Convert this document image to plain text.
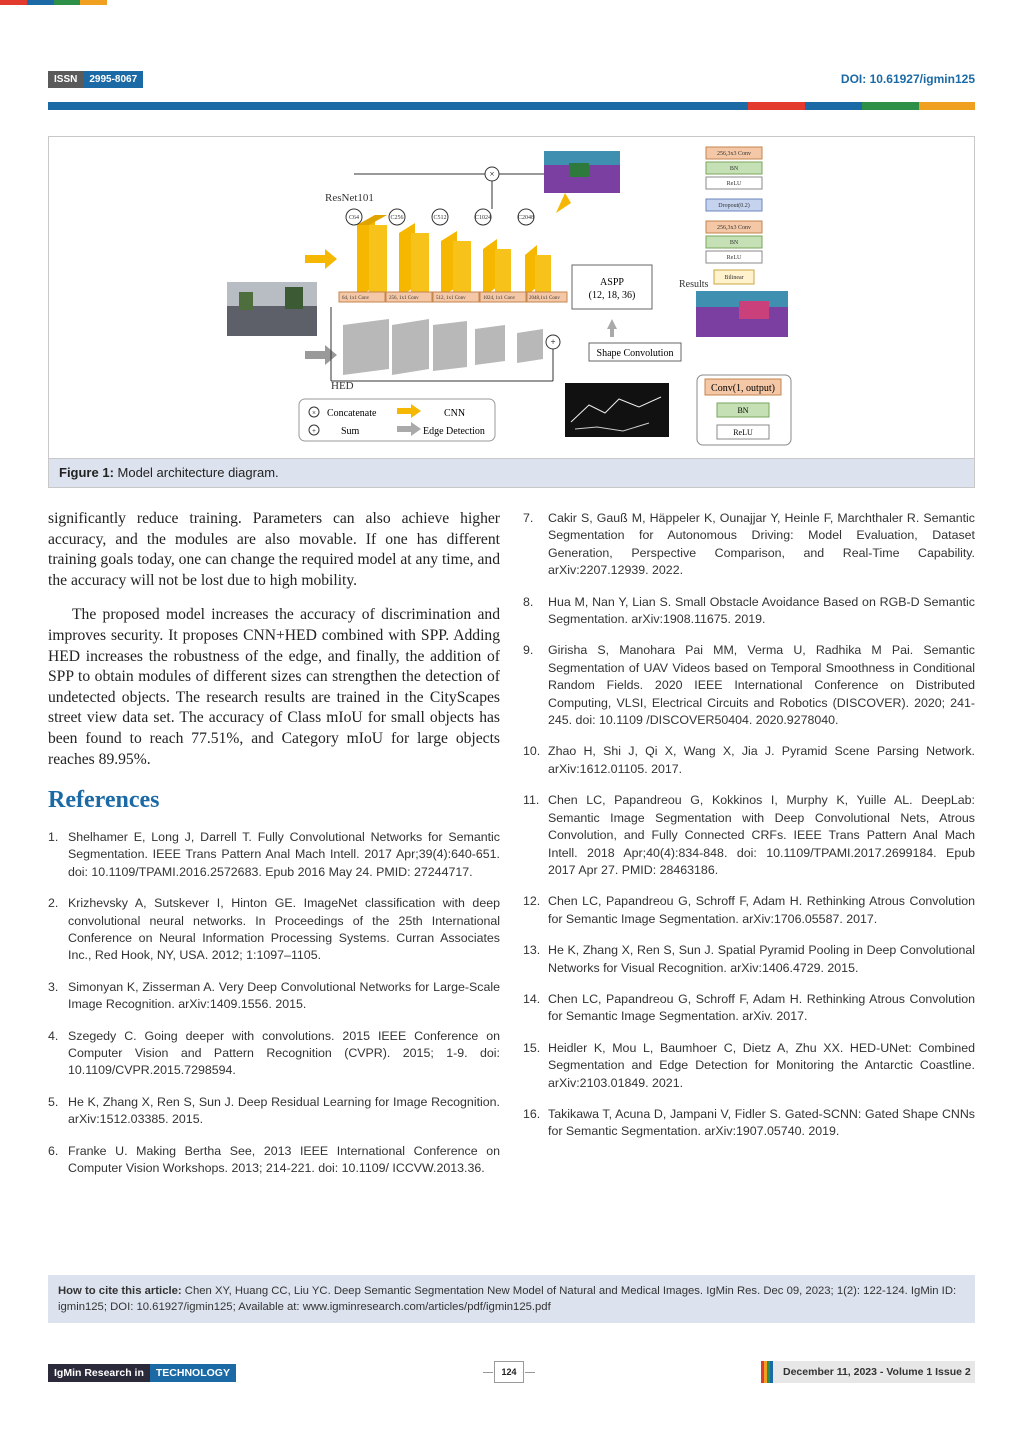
ISSN	2995-8067	DOI: 10.61927/igmin125
ResNet101
C64	C256	C512	C1024	C2048
×
64, 1x1 Conv	256, 1x1 Conv	512, 1x1 Conv	1024, 1x1 Conv	2048,1x1 Conv
HED
+
ASPP
(12, 18, 36)
Shape Convolution
256,3x3 Conv
BN
ReLU
Dropout(0.2)
256,3x3 Conv
BN
ReLU
Bilinear
Results
Conv(1, output)
BN
ReLU
× Concatenate
+	Sum
CNN
Edge Detection
Figure 1: Model architecture diagram.

significantly reduce training. Parameters can also achieve higher accuracy, and the modules are also movable. If one has different training goals today, one can change the required model at any time, and the accuracy will not be lost due to high mobility.

The proposed model increases the accuracy of discrimination and improves security. It proposes CNN+HED combined with SPP. Adding HED increases the robustness of the edge, and finally, the addition of SPP to obtain modules of different sizes can strengthen the detection of undetected objects. The research results are trained in the CityScapes street view data set. The accuracy of Class mIoU for small objects has been found to reach 77.51%, and Category mIoU for large objects reaches 89.95%.

References
1. Shelhamer E, Long J, Darrell T. Fully Convolutional Networks for Semantic Segmentation. IEEE Trans Pattern Anal Mach Intell. 2017 Apr;39(4):640-651. doi: 10.1109/TPAMI.2016.2572683. Epub 2016 May 24. PMID: 27244717.
2. Krizhevsky A, Sutskever I, Hinton GE. ImageNet classification with deep convolutional neural networks. In Proceedings of the 25th International Conference on Neural Information Processing Systems. Curran Associates Inc., Red Hook, NY, USA. 2012; 1:1097–1105.
3. Simonyan K, Zisserman A. Very Deep Convolutional Networks for Large-Scale Image Recognition. arXiv:1409.1556. 2015.
4. Szegedy C. Going deeper with convolutions. 2015 IEEE Conference on Computer Vision and Pattern Recognition (CVPR). 2015; 1-9. doi: 10.1109/CVPR.2015.7298594.
5. He K, Zhang X, Ren S, Sun J. Deep Residual Learning for Image Recognition. arXiv:1512.03385. 2015.
6. Franke U. Making Bertha See, 2013 IEEE International Conference on Computer Vision Workshops. 2013; 214-221. doi: 10.1109/ ICCVW.2013.36.
7. Cakir S, Gauß M, Häppeler K, Ounajjar Y, Heinle F, Marchthaler R. Semantic Segmentation for Autonomous Driving: Model Evaluation, Dataset Generation, Perspective Comparison, and Real-Time Capability. arXiv:2207.12939. 2022.
8. Hua M, Nan Y, Lian S. Small Obstacle Avoidance Based on RGB-D Semantic Segmentation. arXiv:1908.11675. 2019.
9. Girisha S, Manohara Pai MM, Verma U, Radhika M Pai. Semantic Segmentation of UAV Videos based on Temporal Smoothness in Conditional Random Fields. 2020 IEEE International Conference on Distributed Computing, VLSI, Electrical Circuits and Robotics (DISCOVER). 2020; 241-245. doi: 10.1109 /DISCOVER50404. 2020.9278040.
10. Zhao H, Shi J, Qi X, Wang X, Jia J. Pyramid Scene Parsing Network. arXiv:1612.01105. 2017.
11. Chen LC, Papandreou G, Kokkinos I, Murphy K, Yuille AL. DeepLab: Semantic Image Segmentation with Deep Convolutional Nets, Atrous Convolution, and Fully Connected CRFs. IEEE Trans Pattern Anal Mach Intell. 2018 Apr;40(4):834-848. doi: 10.1109/TPAMI.2017.2699184. Epub 2017 Apr 27. PMID: 28463186.
12. Chen LC, Papandreou G, Schroff F, Adam H. Rethinking Atrous Convolution for Semantic Image Segmentation. arXiv:1706.05587. 2017.
13. He K, Zhang X, Ren S, Sun J. Spatial Pyramid Pooling in Deep Convolutional Networks for Visual Recognition. arXiv:1406.4729. 2015.
14. Chen LC, Papandreou G, Schroff F, Adam H. Rethinking Atrous Convolution for Semantic Image Segmentation. arXiv. 2017.
15. Heidler K, Mou L, Baumhoer C, Dietz A, Zhu XX. HED-UNet: Combined Segmentation and Edge Detection for Monitoring the Antarctic Coastline. arXiv:2103.01849. 2021.
16. Takikawa T, Acuna D, Jampani V, Fidler S. Gated-SCNN: Gated Shape CNNs for Semantic Segmentation. arXiv:1907.05740. 2019.
How to cite this article: Chen XY, Huang CC, Liu YC. Deep Semantic Segmentation New Model of Natural and Medical Images. IgMin Res. Dec 09, 2023; 1(2): 122-124. IgMin ID: igmin125; DOI: 10.61927/igmin125; Available at: www.igminresearch.com/articles/pdf/igmin125.pdf
IgMin Research in	TECHNOLOGY	124	December 11, 2023 - Volume 1 Issue 2
